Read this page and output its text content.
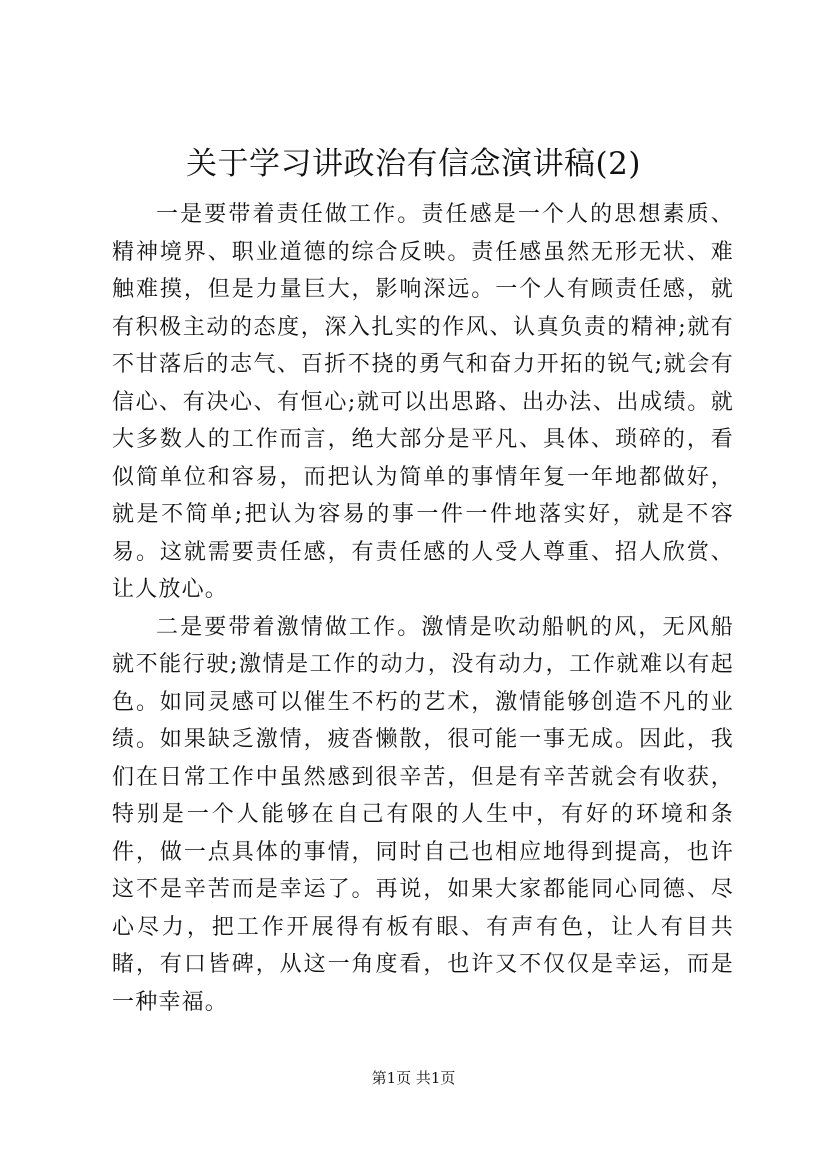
关于学习讲政治有信念演讲稿(2)

一是要带着责任做工作。责任感是一个人的思想素质、精神境界、职业道德的综合反映。责任感虽然无形无状、难触难摸，但是力量巨大，影响深远。一个人有顾责任感，就有积极主动的态度，深入扎实的作风、认真负责的精神;就有不甘落后的志气、百折不挠的勇气和奋力开拓的锐气;就会有信心、有决心、有恒心;就可以出思路、出办法、出成绩。就大多数人的工作而言，绝大部分是平凡、具体、琐碎的，看似简单位和容易，而把认为简单的事情年复一年地都做好，就是不简单;把认为容易的事一件一件地落实好，就是不容易。这就需要责任感，有责任感的人受人尊重、招人欣赏、让人放心。

二是要带着激情做工作。激情是吹动船帆的风，无风船就不能行驶;激情是工作的动力，没有动力，工作就难以有起色。如同灵感可以催生不朽的艺术，激情能够创造不凡的业绩。如果缺乏激情，疲沓懒散，很可能一事无成。因此，我们在日常工作中虽然感到很辛苦，但是有辛苦就会有收获，特别是一个人能够在自己有限的人生中，有好的环境和条件，做一点具体的事情，同时自己也相应地得到提高，也许这不是辛苦而是幸运了。再说，如果大家都能同心同德、尽心尽力，把工作开展得有板有眼、有声有色，让人有目共睹，有口皆碑，从这一角度看，也许又不仅仅是幸运，而是一种幸福。

第1页 共1页
